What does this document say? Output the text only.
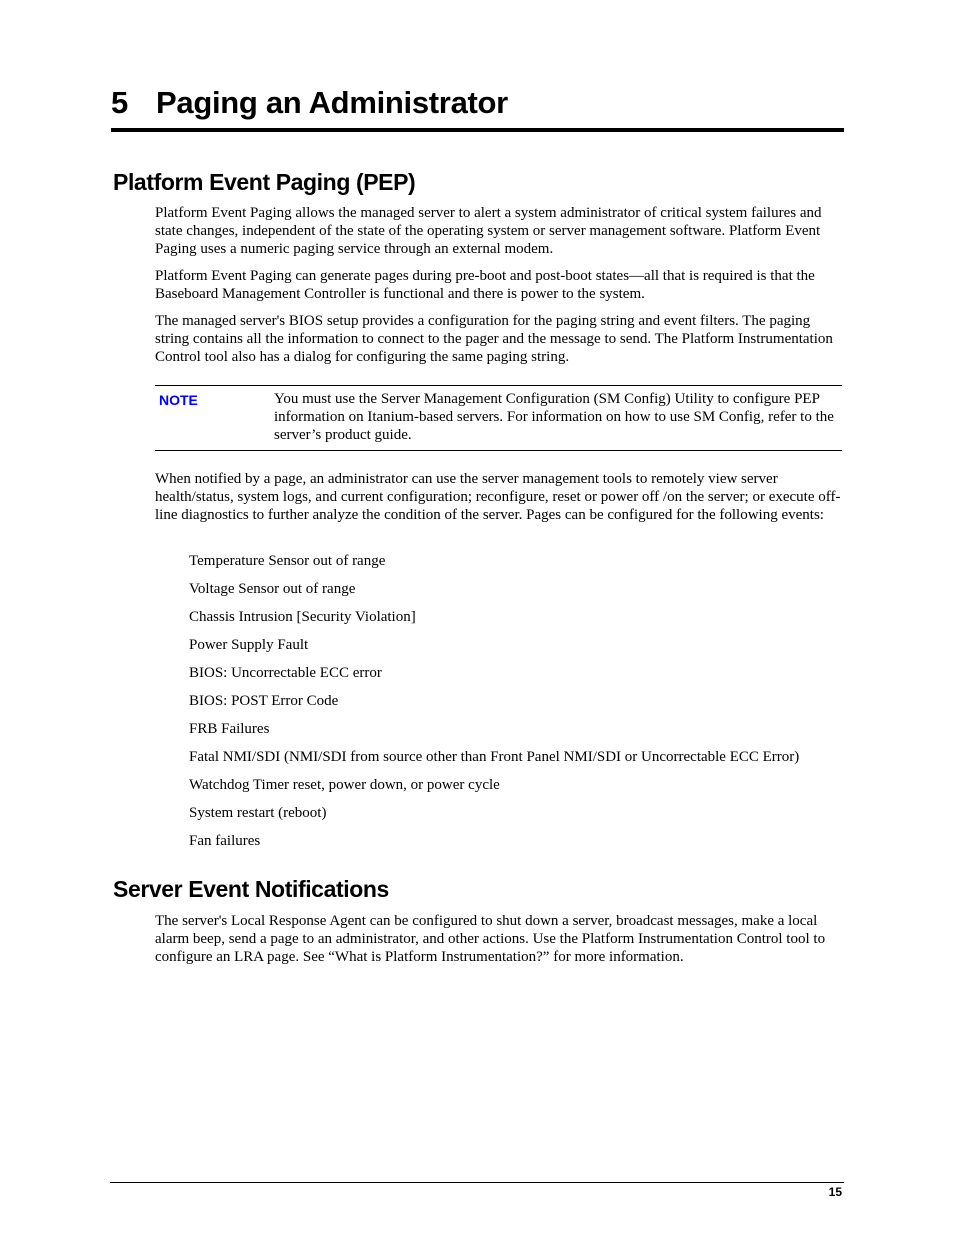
5 Paging an Administrator
Platform Event Paging (PEP)

Platform Event Paging allows the managed server to alert a system administrator of critical system failures and state changes, independent of the state of the operating system or server management software. Platform Event Paging uses a numeric paging service through an external modem.

Platform Event Paging can generate pages during pre-boot and post-boot states—all that is required is that the Baseboard Management Controller is functional and there is power to the system.

The managed server's BIOS setup provides a configuration for the paging string and event filters. The paging string contains all the information to connect to the pager and the message to send. The Platform Instrumentation Control tool also has a dialog for configuring the same paging string.

NOTE	You must use the Server Management Configuration (SM Config) Utility to configure PEP information on Itanium-based servers. For information on how to use SM Config, refer to the server’s product guide.

When notified by a page, an administrator can use the server management tools to remotely view server health/status, system logs, and current configuration; reconfigure, reset or power off /on the server; or execute off-line diagnostics to further analyze the condition of the server. Pages can be configured for the following events:

Temperature Sensor out of range
Voltage Sensor out of range
Chassis Intrusion [Security Violation]
Power Supply Fault
BIOS: Uncorrectable ECC error
BIOS: POST Error Code
FRB Failures
Fatal NMI/SDI (NMI/SDI from source other than Front Panel NMI/SDI or Uncorrectable ECC Error)
Watchdog Timer reset, power down, or power cycle
System restart (reboot)
Fan failures
Server Event Notifications

The server's Local Response Agent can be configured to shut down a server, broadcast messages, make a local alarm beep, send a page to an administrator, and other actions. Use the Platform Instrumentation Control tool to configure an LRA page. See “What is Platform Instrumentation?” for more information.

15
